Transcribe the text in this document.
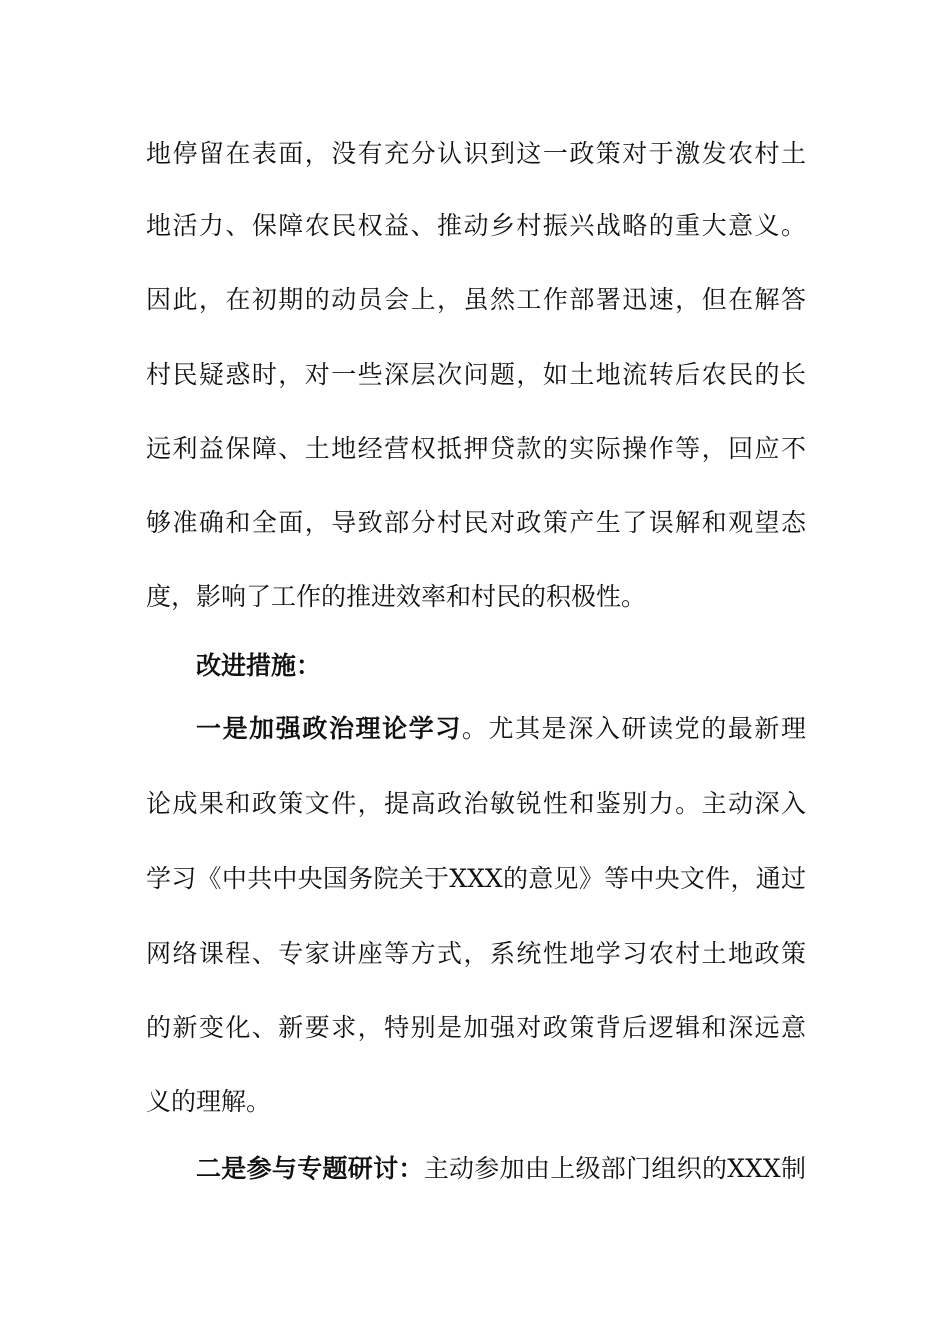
地停留在表面，没有充分认识到这一政策对于激发农村土
地活力、保障农民权益、推动乡村振兴战略的重大意义。
因此，在初期的动员会上，虽然工作部署迅速，但在解答
村民疑惑时，对一些深层次问题，如土地流转后农民的长
远利益保障、土地经营权抵押贷款的实际操作等，回应不
够准确和全面，导致部分村民对政策产生了误解和观望态
度，影响了工作的推进效率和村民的积极性。
改进措施：
一是加强政治理论学习。尤其是深入研读党的最新理
论成果和政策文件，提高政治敏锐性和鉴别力。主动深入
学习《中共中央国务院关于XXX的意见》等中央文件，通过
网络课程、专家讲座等方式，系统性地学习农村土地政策
的新变化、新要求，特别是加强对政策背后逻辑和深远意
义的理解。
二是参与专题研讨：主动参加由上级部门组织的XXX制
